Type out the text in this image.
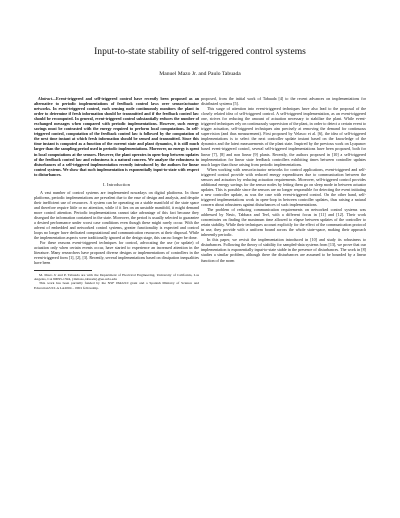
Input-to-state stability of self-triggered control systems
Manuel Mazo Jr. and Paulo Tabuada

Abstract—Event-triggered and self-triggered control have recently been proposed as an alternative to periodic implementations of feedback control laws over sensor/actuator networks. In event-triggered control, each sensing node continuously monitors the plant in order to determine if fresh information should be transmitted and if the feedback control law should be recomputed. In general, event-triggered control substantially reduces the number of exchanged messages when compared with periodic implementations. However, such energy savings must be contrasted with the energy required to perform local computations. In self-triggered control, computation of the feedback control law is followed by the computation of the next time instant at which fresh information should be sensed and transmitted. Since this time instant is computed as a function of the current state and plant dynamics, it is still much larger than the sampling period used in periodic implementations. Moreover, no energy is spent in local computations at the sensors. However, the plant operates in open-loop between updates of the feedback control law and robustness is a natural concern. We analyze the robustness to disturbances of a self-triggered implementation recently introduced by the authors for linear control systems. We show that such implementation is exponentially input-to-state with respect to disturbances.

I. Introduction

A vast number of control systems are implemented nowadays on digital platforms. In those platforms, periodic implementations are prevalent due to the ease of design and analysis, and despite their inefficient use of resources. A system can be operating on a stable manifold of the state space and therefore require little or no attention, while if it lies on an unstable manifold, it might demand more control attention. Periodic implementations cannot take advantage of this fact because they disregard the information contained in the state. Moreover, the period is usually selected to guarantee a desired performance under worst case conditions even though these might rarely occur. With the advent of embedded and networked control systems, greater functionality is expected and control loops no longer have dedicated computational and communication resources at their disposal. While the implementation aspects were traditionally ignored at the design stage, this can no longer be done.

For these reasons event-triggered techniques for control, advocating the use (or update) of actuation only when certain events occur, have started to experience an increased attention in the literature. Many researchers have proposed diverse designs or implementations of controllers in the event-triggered form [1], [2], [3]. Recently, several implementations based on dissipation inequalities have been

M. Mazo Jr and P. Tabuada are with the Department of Electrical Engineering, University of California, Los Angeles, CA 90095-1594, {mmazo,tabuada}@ee.ucla.edu

This work has been partially funded by the NSF 0642210 grant and a Spanish Ministry of Science and Education/UCLA LA2004 – 0001 fellowship.

proposed, from the initial work of Tabuada [4] to the recent advances on implementations for distributed systems [5].

This surge of attention into event-triggered techniques have also lead to the proposal of the closely related idea of self-triggered control. A self-triggered implementation, as an event-triggered one, strives for reducing the amount of actuation necessary to stabilize the plant. While event-triggered techniques rely on continuously supervision of the plant, in order to detect a certain event to trigger actuation, self-triggered techniques aim precisely at removing the demand for continuous supervision (and thus measurement). First proposed by Velasco et al. [6], the idea of self-triggered implementations is to select the next controller update instant based on the knowledge of the dynamics and the latest measurements of the plant state. Inspired by the previous work on Lyapunov based event-triggered control, several self-triggered implementations have been proposed, both for linear [7], [8] and non linear [9] plants. Recently, the authors proposed in [10] a self-triggered implementation for linear state feedback controllers exhibiting times between controller updates much larger than those arising from periodic implementations.

When working with sensor/actuator networks for control applications, event-triggered and self-triggered control provide with reduced energy expenditures due to communication between the sensors and actuators by reducing actuation requirements. Moreover, self-triggered control provides additional energy savings for the sensor nodes by letting them go on sleep mode in between actuator updates. This is possible since the sensors are no longer responsible for detecting the event initiating a new controller update, as was the case with event-triggered control. On the other hand, self-triggered implementations work in open-loop in between controller updates, thus raising a natural concern about robustness against disturbances of such implementations.

The problem of reducing communication requirements on networked control systems was addressed by Nesic, Tabbara and Teel, with a different focus in [11] and [12]. Their work concentrates on finding the maximum time allowed to elapse between updates of the controller to retain stability. While their techniques account explicitly for the effect of the communication protocol in use, they provide with a uniform bound across the whole state-space, making their approach inherently periodic.

In this paper, we revisit the implementation introduced in [10] and study its robustness to disturbances. Following the theory of stability for sampled-data systems from [13], we prove that our implementation is exponentially input-to-state stable in the presence of disturbances. The work in [8] studies a similar problem, although there the disturbances are assumed to be bounded by a linear function of the norm
